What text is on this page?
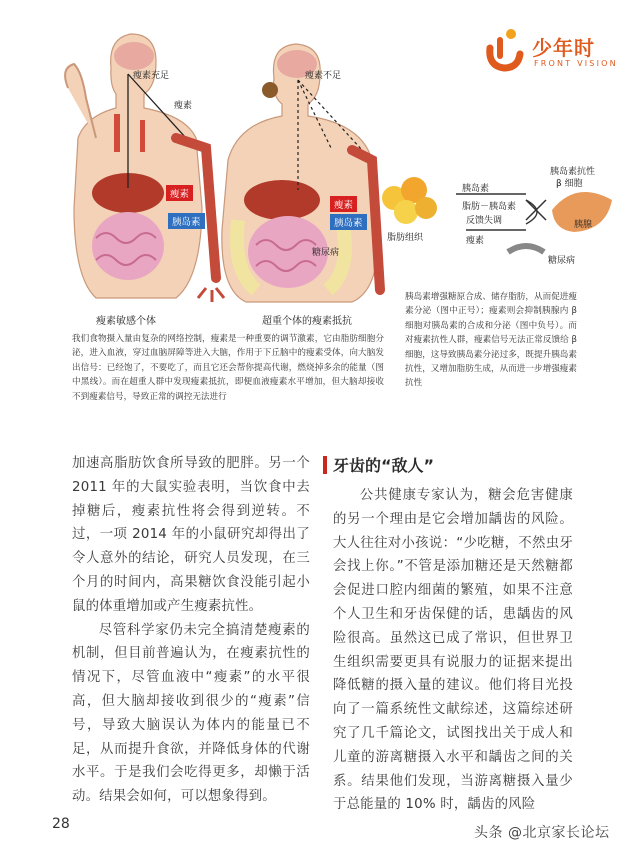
少年时
FRONT VISION
瘦素充足
瘦素
瘦素敏感个体
瘦素不足
瘦素
胰岛素
瘦素
胰岛素
糖尿病
超重个体的瘦素抵抗
脂肪组织
胰岛素
脂肪－胰岛素
反馈失调
瘦素
胰岛素抗性
β 细胞
胰腺
糖尿病
我们食物摄入量由复杂的网络控制，瘦素是一种重要的调节激素，它由脂肪细胞分泌，进入血液，穿过血脑屏障等进入大脑，作用于下丘脑中的瘦素受体，向大脑发出信号：已经饱了，不要吃了，而且它还会帮你提高代谢，燃烧掉多余的能量（图中黑线）。而在超重人群中发现瘦素抵抗，即便血液瘦素水平增加，但大脑却接收不到瘦素信号，导致正常的调控无法进行
胰岛素增强糖原合成、储存脂肪，从而促进瘦素分泌（图中正号）；瘦素则会抑制胰腺内 β 细胞对胰岛素的合成和分泌（图中负号）。而对瘦素抗性人群，瘦素信号无法正常反馈给 β 细胞，这导致胰岛素分泌过多，既提升胰岛素抗性，又增加脂肪生成，从而进一步增强瘦素抗性

加速高脂肪饮食所导致的肥胖。另一个 2011 年的大鼠实验表明，当饮食中去掉糖后，瘦素抗性将会得到逆转。不过，一项 2014 年的小鼠研究却得出了令人意外的结论，研究人员发现，在三个月的时间内，高果糖饮食没能引起小鼠的体重增加或产生瘦素抗性。

尽管科学家仍未完全搞清楚瘦素的机制，但目前普遍认为，在瘦素抗性的情况下，尽管血液中“瘦素”的水平很高，但大脑却接收到很少的“瘦素”信号，导致大脑误认为体内的能量已不足，从而提升食欲，并降低身体的代谢水平。于是我们会吃得更多，却懒于活动。结果会如何，可以想象得到。

牙齿的“敌人”

公共健康专家认为，糖会危害健康的另一个理由是它会增加龋齿的风险。大人往往对小孩说：“少吃糖，不然虫牙会找上你。”不管是添加糖还是天然糖都会促进口腔内细菌的繁殖，如果不注意个人卫生和牙齿保健的话，患龋齿的风险很高。虽然这已成了常识，但世界卫生组织需要更具有说服力的证据来提出降低糖的摄入量的建议。他们将目光投向了一篇系统性文献综述，这篇综述研究了几千篇论文，试图找出关于成人和儿童的游离糖摄入水平和龋齿之间的关系。结果他们发现，当游离糖摄入量少于总能量的 10% 时，龋齿的风险

28
头条 @北京家长论坛
